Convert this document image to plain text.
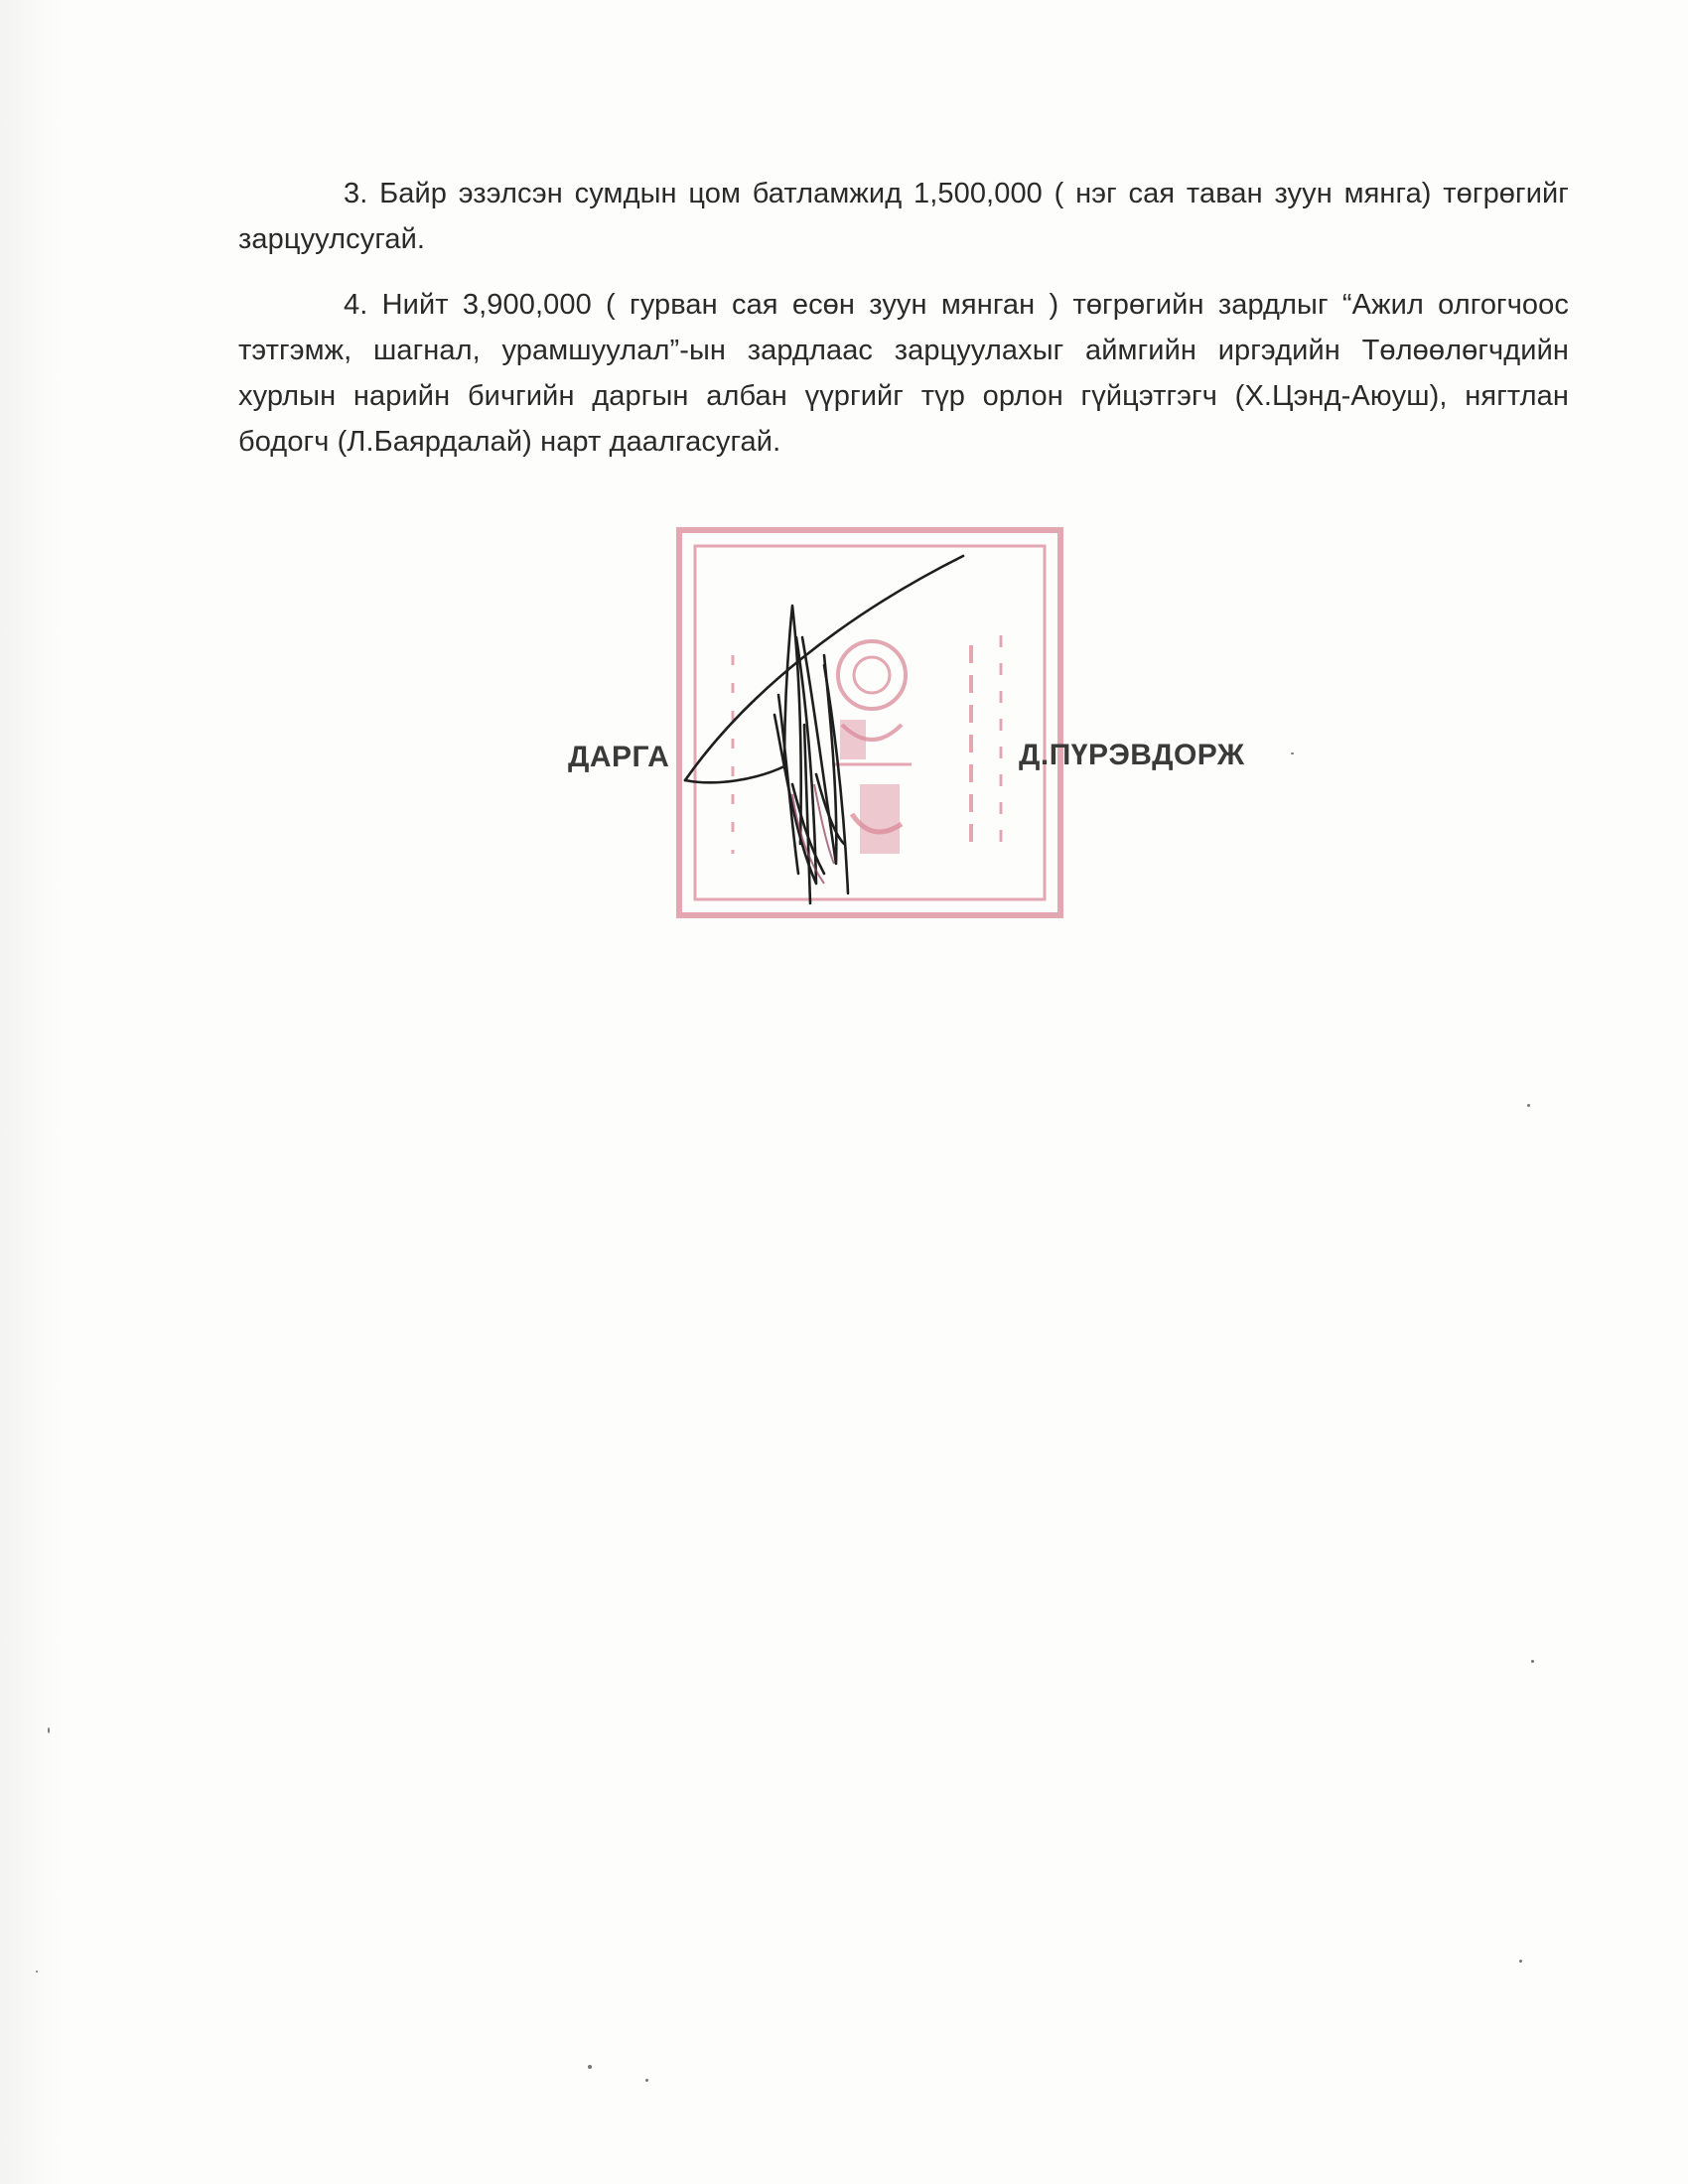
3. Байр эзэлсэн сумдын цом батламжид 1,500,000 ( нэг сая таван зуун мянга) төгрөгийг зарцуулсугай.

4. Нийт 3,900,000 ( гурван сая есөн зуун мянган ) төгрөгийн зардлыг “Ажил олгогчоос тэтгэмж, шагнал, урамшуулал”-ын зардлаас зарцуулахыг аймгийн иргэдийн Төлөөлөгчдийн хурлын нарийн бичгийн даргын албан үүргийг түр орлон гүйцэтгэгч (Х.Цэнд-Аюуш), нягтлан бодогч (Л.Баярдалай) нарт даалгасугай.

ДАРГА	Д.ПҮРЭВДОРЖ
